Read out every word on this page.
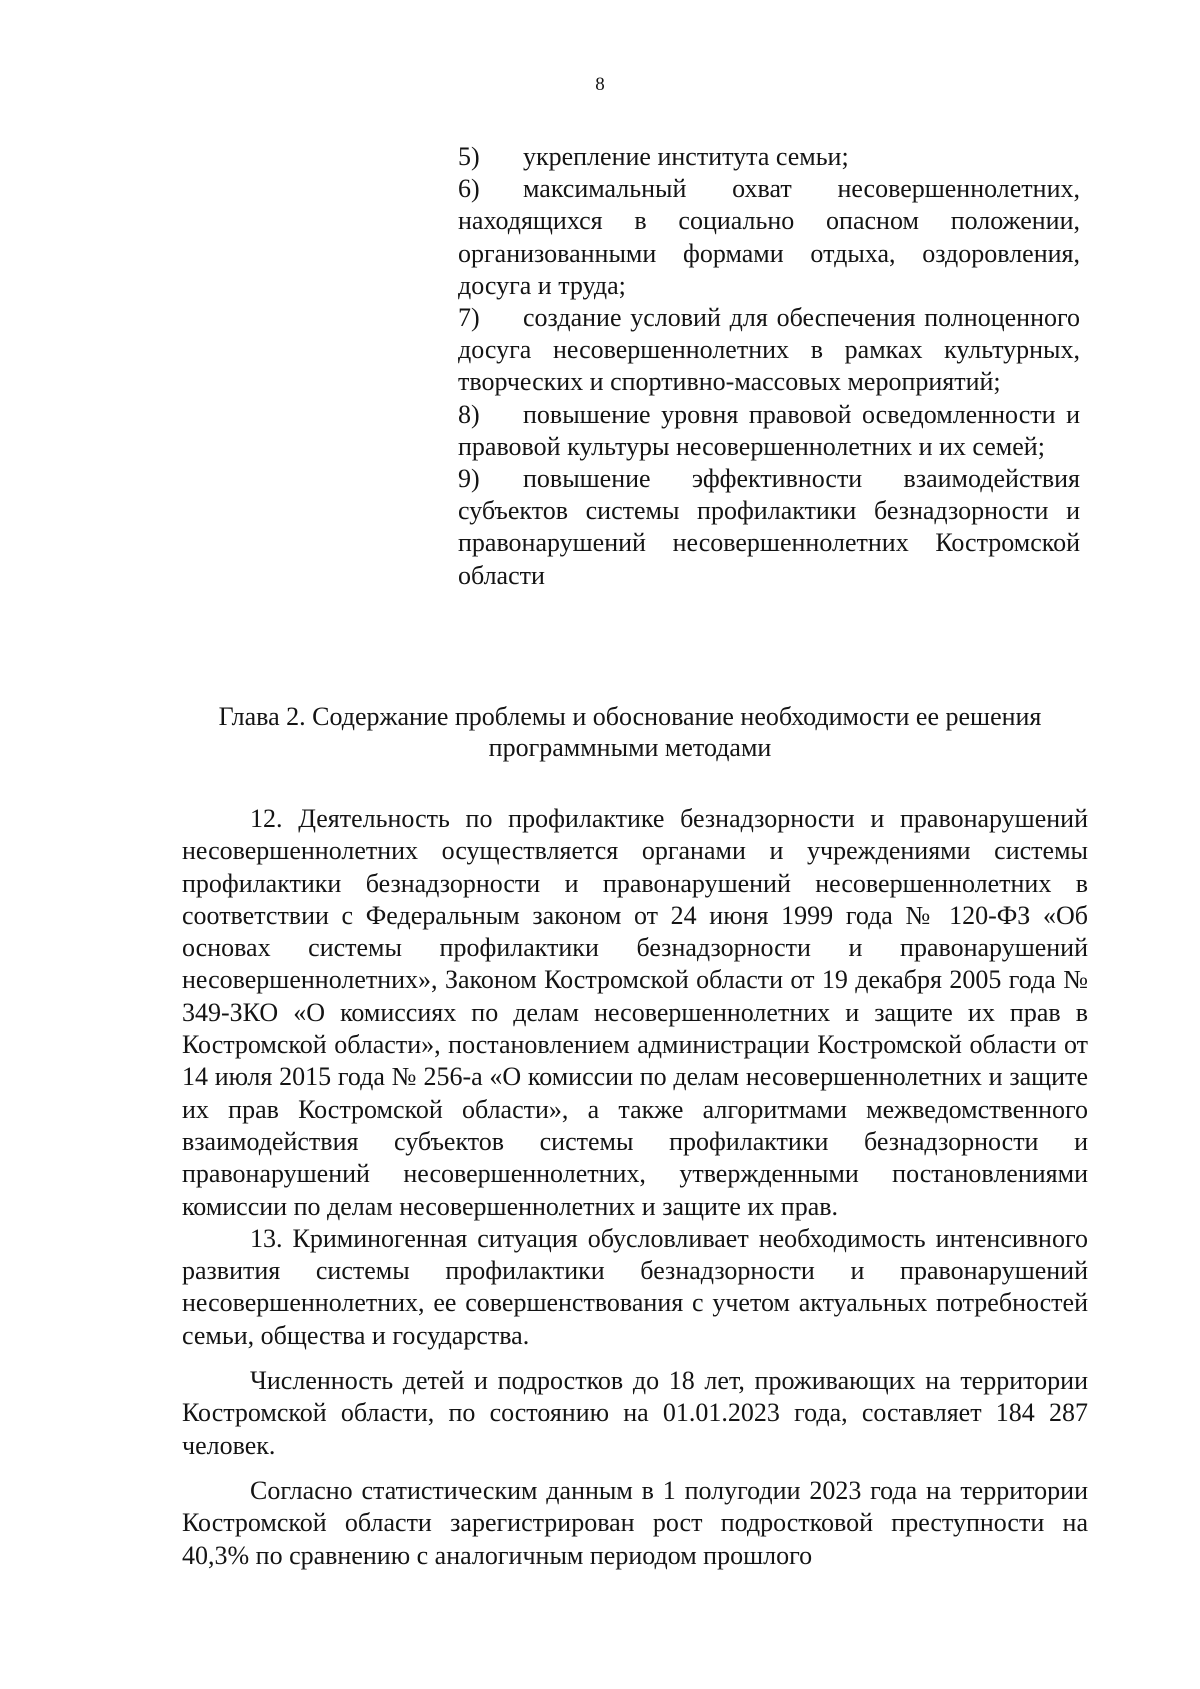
8

5) укрепление института семьи;

6) максимальный охват несовершеннолетних, находящихся в социально опасном положении, организованными формами отдыха, оздоровления, досуга и труда;

7) создание условий для обеспечения полноценного досуга несовершеннолетних в рамках культурных, творческих и спортивно-массовых мероприятий;

8) повышение уровня правовой осведомленности и правовой культуры несовершеннолетних и их семей;

9) повышение эффективности взаимодействия субъектов системы профилактики безнадзорности и правонарушений несовершеннолетних Костромской области

Глава 2. Содержание проблемы и обоснование необходимости ее решения

программными методами

12. Деятельность по профилактике безнадзорности и правонарушений несовершеннолетних осуществляется органами и учреждениями системы профилактики безнадзорности и правонарушений несовершеннолетних в соответствии с Федеральным законом от 24 июня 1999 года № 120-ФЗ «Об основах системы профилактики безнадзорности и правонарушений несовершеннолетних», Законом Костромской области от 19 декабря 2005 года № 349-ЗКО «О комиссиях по делам несовершеннолетних и защите их прав в Костромской области», постановлением администрации Костромской области от 14 июля 2015 года № 256-а «О комиссии по делам несовершеннолетних и защите их прав Костромской области», а также алгоритмами межведомственного взаимодействия субъектов системы профилактики безнадзорности и правонарушений несовершеннолетних, утвержденными постановлениями комиссии по делам несовершеннолетних и защите их прав.

13. Криминогенная ситуация обусловливает необходимость интенсивного развития системы профилактики безнадзорности и правонарушений несовершеннолетних, ее совершенствования с учетом актуальных потребностей семьи, общества и государства.

Численность детей и подростков до 18 лет, проживающих на территории Костромской области, по состоянию на 01.01.2023 года, составляет 184 287 человек.

Согласно статистическим данным в 1 полугодии 2023 года на территории Костромской области зарегистрирован рост подростковой преступности на 40,3% по сравнению с аналогичным периодом прошлого
